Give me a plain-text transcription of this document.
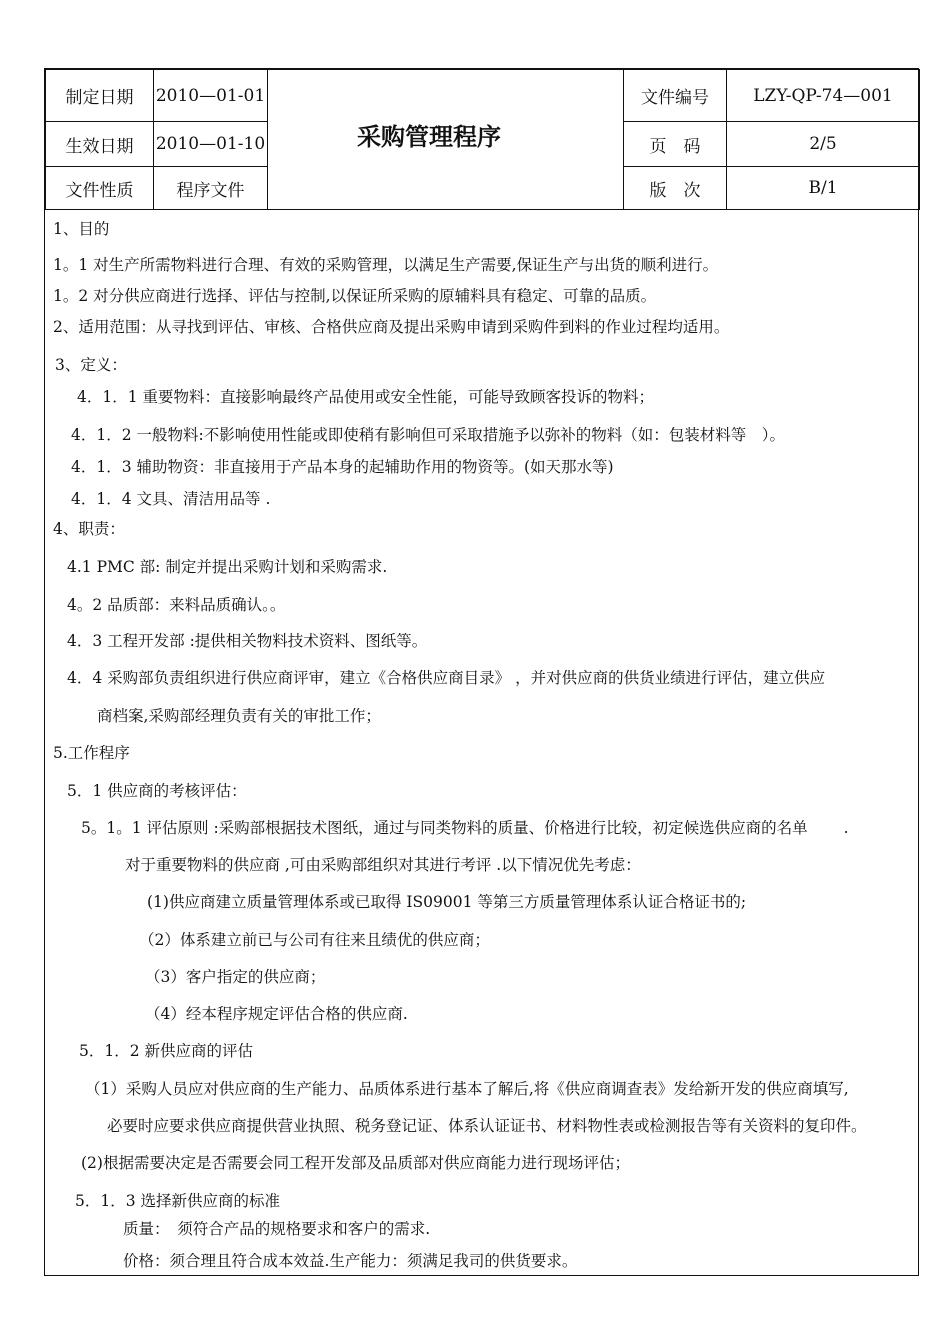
制定日期	2010—01-01
生效日期	2010—01-10
文件性质	程序文件
采购管理程序
文件编号	LZY-QP-74—001
页　码	2/5
版　次	B/1
1、目的
1。1 对生产所需物料进行合理、有效的采购管理，以满足生产需要,保证生产与出货的顺利进行。
1。2 对分供应商进行选择、评估与控制,以保证所采购的原辅料具有稳定、可靠的品质。
2、适用范围：从寻找到评估、审核、合格供应商及提出采购申请到采购件到料的作业过程均适用。
3、定义：
4．1．1 重要物料：直接影响最终产品使用或安全性能，可能导致顾客投诉的物料；
4．1．2 一般物料:不影响使用性能或即使稍有影响但可采取措施予以弥补的物料（如：包装材料等　）。
4．1．3 辅助物资：非直接用于产品本身的起辅助作用的物资等。(如天那水等)
4．1．4 文具、清洁用品等 .
4、职责：
4.1 PMC 部: 制定并提出采购计划和采购需求.
4。2 品质部：来料品质确认。。
4．3 工程开发部 :提供相关物料技术资料、图纸等。
4．4 采购部负责组织进行供应商评审，建立《合格供应商目录》 ，并对供应商的供货业绩进行评估，建立供应
商档案,采购部经理负责有关的审批工作；
5.工作程序
5．1 供应商的考核评估：
5。1。1 评估原则 :采购部根据技术图纸，通过与同类物料的质量、价格进行比较，初定候选供应商的名单　　 .
对于重要物料的供应商 ,可由采购部组织对其进行考评 .以下情况优先考虑：
(1)供应商建立质量管理体系或已取得 IS09001 等第三方质量管理体系认证合格证书的;
（2）体系建立前已与公司有往来且绩优的供应商；
（3）客户指定的供应商；
（4）经本程序规定评估合格的供应商.
5．1．2 新供应商的评估
（1）采购人员应对供应商的生产能力、品质体系进行基本了解后,将《供应商调查表》发给新开发的供应商填写,
必要时应要求供应商提供营业执照、税务登记证、体系认证证书、材料物性表或检测报告等有关资料的复印件。
(2)根据需要决定是否需要会同工程开发部及品质部对供应商能力进行现场评估；
5．1．3 选择新供应商的标准
质量：　须符合产品的规格要求和客户的需求.
价格：须合理且符合成本效益.生产能力：须满足我司的供货要求。
